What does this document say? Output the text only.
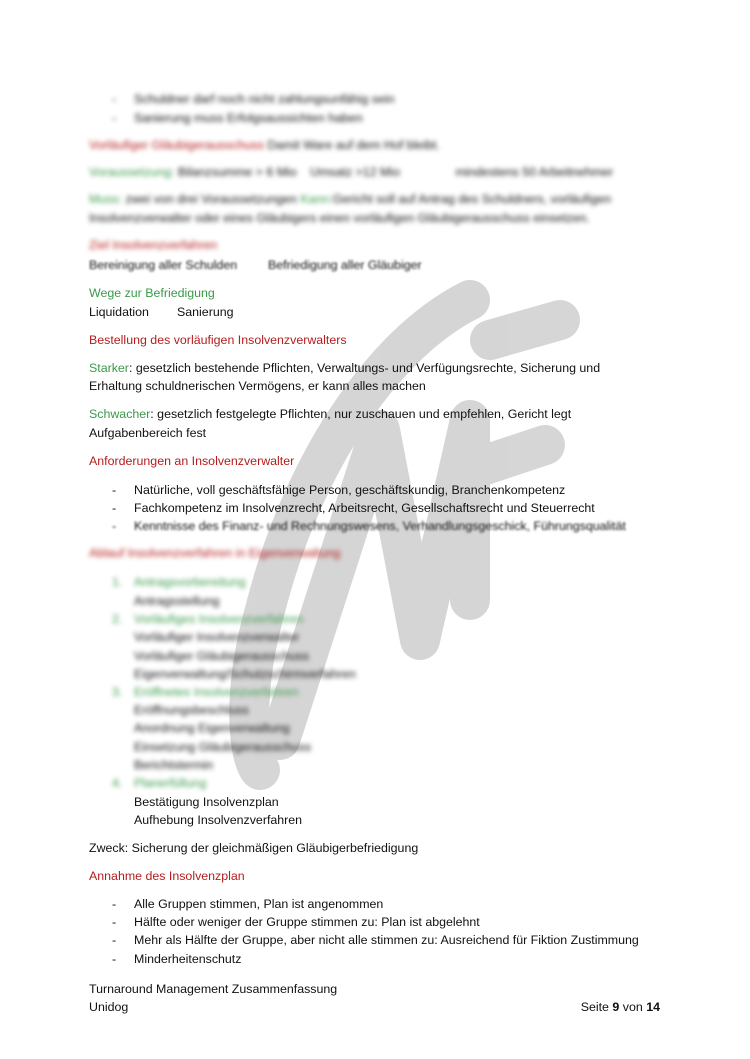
- Schuldner darf noch nicht zahlungsunfähig sein
- Sanierung muss Erfolgsaussichten haben
Vorläufiger Gläubigerausschuss Damit Ware auf dem Hof bleibt.
Voraussetzung: Bilanzsumme > 6 Mio Umsatz >12 Mio	mindestens 50 Arbeitnehmer
Muss: zwei von drei Voraussetzungen Kann:Gericht soll auf Antrag des Schuldners, vorläufigen
Insolvenzverwalter oder eines Gläubigers einen vorläufigen Gläubigerausschuss einsetzen.
Ziel Insolvenzverfahren
Bereinigung aller Schulden Befriedigung aller Gläubiger
Wege zur Befriedigung
Liquidation Sanierung
Bestellung des vorläufigen Insolvenzverwalters
Starker: gesetzlich bestehende Pflichten, Verwaltungs- und Verfügungsrechte, Sicherung und
Erhaltung schuldnerischen Vermögens, er kann alles machen
Schwacher: gesetzlich festgelegte Pflichten, nur zuschauen und empfehlen, Gericht legt
Aufgabenbereich fest
Anforderungen an Insolvenzverwalter
- Natürliche, voll geschäftsfähige Person, geschäftskundig, Branchenkompetenz
- Fachkompetenz im Insolvenzrecht, Arbeitsrecht, Gesellschaftsrecht und Steuerrecht
- Kenntnisse des Finanz- und Rechnungswesens, Verhandlungsgeschick, Führungsqualität
Ablauf Insolvenzverfahren in Eigenverwaltung
1. Antragsvorbereitung
Antragsstellung
2. Vorläufiges Insolvenzverfahren
Vorläufiger Insolvenzverwalter
Vorläufiger Gläubigerausschuss
Eigenverwaltung/Schutzschirmverfahren
3. Eröffnetes Insolvenzverfahren
Eröffnungsbeschluss
Anordnung Eigenverwaltung
Einsetzung Gläubigerausschuss
Berichtstermin
4. Planerfüllung
Bestätigung Insolvenzplan
Aufhebung Insolvenzverfahren
Zweck: Sicherung der gleichmäßigen Gläubigerbefriedigung
Annahme des Insolvenzplan
- Alle Gruppen stimmen, Plan ist angenommen
- Hälfte oder weniger der Gruppe stimmen zu: Plan ist abgelehnt
- Mehr als Hälfte der Gruppe, aber nicht alle stimmen zu: Ausreichend für Fiktion Zustimmung
- Minderheitenschutz
Turnaround Management Zusammenfassung
Unidog	Seite 9 von 14
